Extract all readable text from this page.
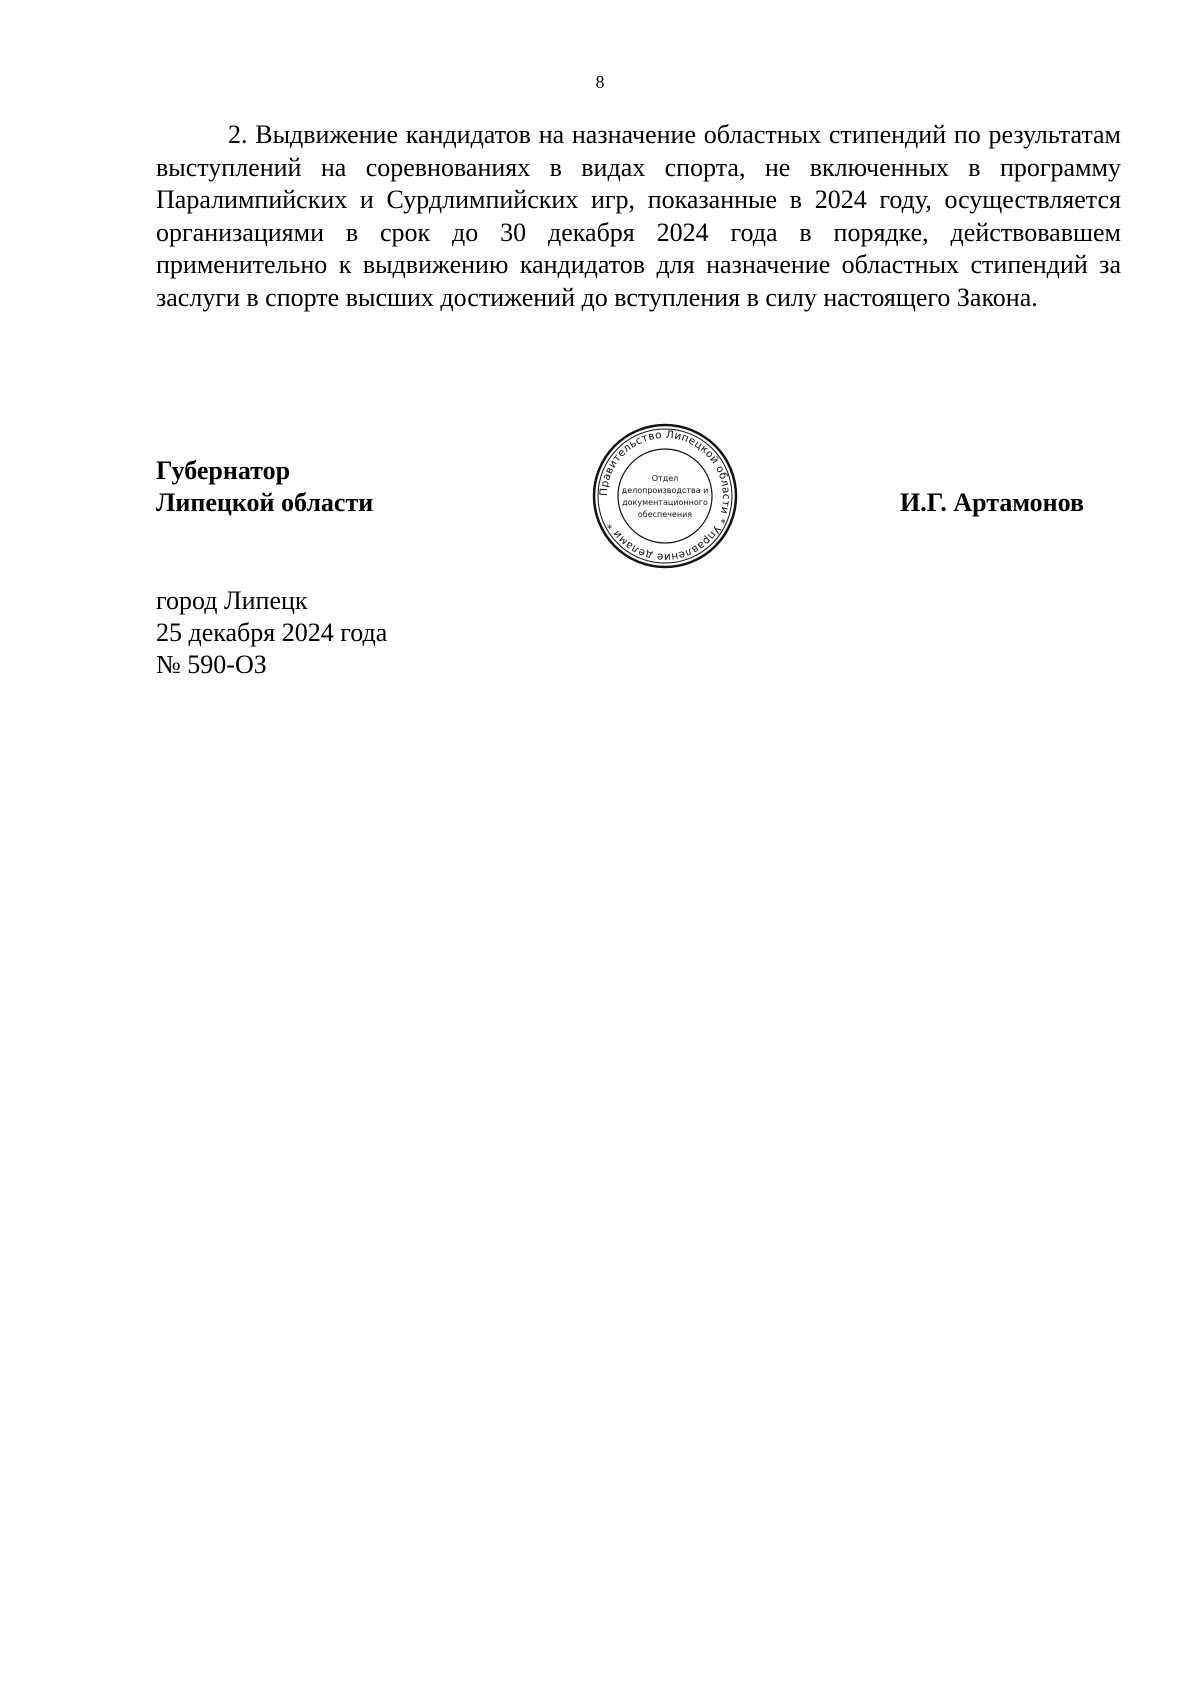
8

2. Выдвижение кандидатов на назначение областных стипендий по результатам выступлений на соревнованиях в видах спорта, не включенных в программу Паралимпийских и Сурдлимпийских игр, показанные в 2024 году, осуществляется организациями в срок до 30 декабря 2024 года в порядке, действовавшем применительно к выдвижению кандидатов для назначение областных стипендий за заслуги в спорте высших достижений до вступления в силу настоящего Закона.

Губернатор
Липецкой области	Правительство Липецкой области * Управление делами *
Отдел
делопроизводства и
документационного
обеспечения	И.Г. Артамонов
город Липецк
25 декабря 2024 года
№ 590-ОЗ
